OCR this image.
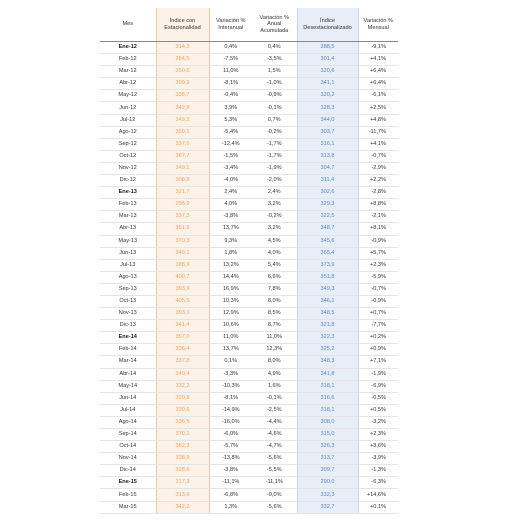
Mes	Índice con Estacionalidad	Variación % Interanual	Variación % Anual Acumulada	Índice Desestacionalizado	Variación % Mensual
Ene-12	314,3	0,4%	0,4%	288,5	-9,1%
Feb-12	284,5	-7,5%	-3,5%	301,4	+4,1%
Mar-12	350,6	11,0%	1,5%	320,6	+6,4%
Abr-12	309,9	-8,1%	-1,0%	341,1	+6,4%
May-12	335,7	-0,4%	-0,9%	320,2	-6,1%
Jun-12	342,9	3,9%	-0,1%	328,3	+2,5%
Jul-12	349,2	5,3%	0,7%	344,0	+4,8%
Ago-12	350,1	-5,4%	-0,2%	303,7	-11,7%
Sep-12	337,0	-12,4%	-1,7%	316,1	+4,1%
Oct-12	367,7	-1,5%	-1,7%	313,8	-0,7%
Nov-12	349,1	-3,4%	-1,9%	304,7	-2,9%
Dic-12	308,8	-4,0%	-2,0%	311,4	+2,2%
Ene-13	321,7	2,4%	2,4%	302,6	-2,8%
Feb-13	295,9	4,0%	3,2%	329,3	+8,8%
Mar-13	337,3	-3,8%	-0,2%	322,5	-2,1%
Abr-13	351,9	13,7%	3,2%	348,7	+8,1%
May-13	370,3	9,3%	4,5%	345,6	-0,9%
Jun-13	349,1	1,8%	4,0%	365,4	+5,7%
Jul-13	388,9	13,2%	5,4%	373,9	+2,3%
Ago-13	400,7	14,4%	6,6%	351,8	-5,9%
Sep-13	393,9	16,9%	7,8%	349,3	-0,7%
Oct-13	405,5	10,3%	8,0%	346,1	-0,9%
Nov-13	393,1	12,9%	8,5%	348,5	+0,7%
Dic-13	341,4	10,6%	8,7%	321,8	-7,7%
Ene-14	357,0	11,0%	11,0%	322,3	+0,2%
Feb-14	336,4	13,7%	12,3%	325,2	+0,9%
Mar-14	337,8	0,1%	8,0%	348,3	+7,1%
Abr-14	340,4	-3,3%	4,9%	341,8	-1,9%
May-14	332,2	-10,3%	1,6%	318,1	-6,9%
Jun-14	320,8	-8,1%	-0,1%	316,6	-0,5%
Jul-14	330,6	-14,9%	-2,5%	318,1	+0,5%
Ago-14	336,5	-16,0%	-4,4%	308,0	-3,2%
Sep-14	370,1	-6,0%	-4,6%	315,0	+2,3%
Oct-14	382,3	-5,7%	-4,7%	326,3	+3,6%
Nov-14	338,9	-13,8%	-5,6%	313,7	-3,9%
Dic-14	328,6	-3,8%	-5,5%	309,7	-1,3%
Ene-15	317,3	-11,1%	-11,1%	290,0	-6,3%
Feb-15	313,6	-6,8%	-9,0%	332,3	+14,6%
Mar-15	342,2	1,3%	-5,6%	332,7	+0,1%
